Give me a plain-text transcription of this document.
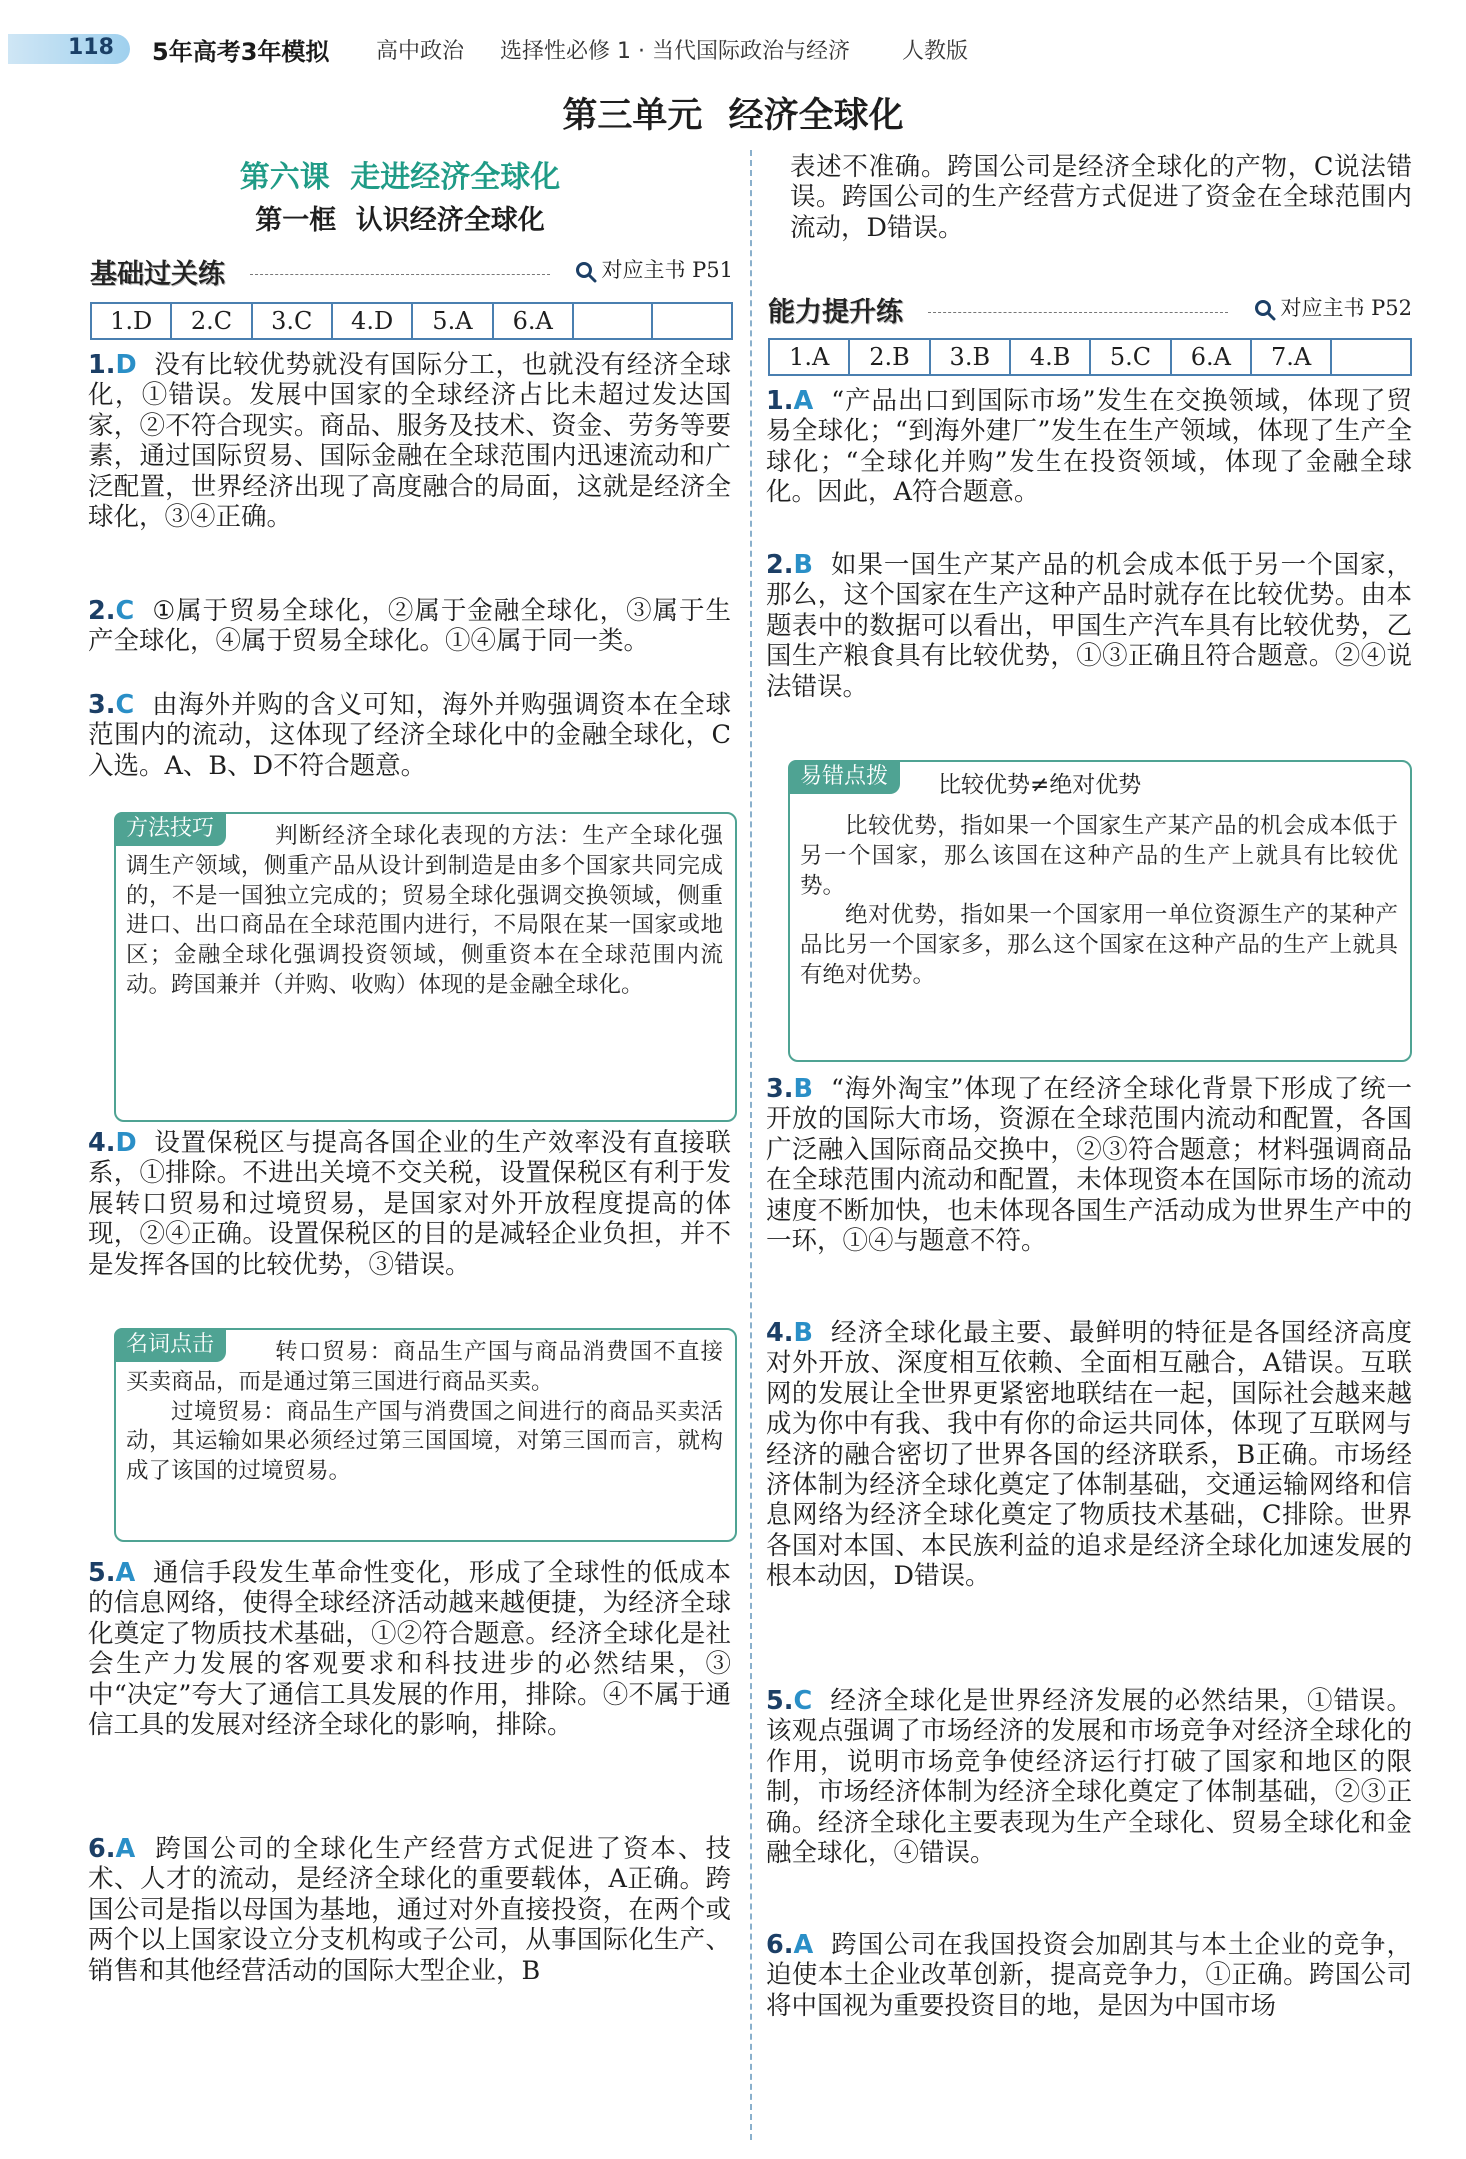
118 5年高考3年模拟 高中政治 选择性必修 1 · 当代国际政治与经济 人教版
第三单元 经济全球化
第六课 走进经济全球化
第一框 认识经济全球化
基础过关练	对应主书 P51
1.D	2.C	3.C	4.D	5.A	6.A		
1.D 没有比较优势就没有国际分工，也就没有经济全球化，①错误。发展中国家的全球经济占比未超过发达国家，②不符合现实。商品、服务及技术、资金、劳务等要素，通过国际贸易、国际金融在全球范围内迅速流动和广泛配置，世界经济出现了高度融合的局面，这就是经济全球化，③④正确。
2.C ①属于贸易全球化，②属于金融全球化，③属于生产全球化，④属于贸易全球化。①④属于同一类。
3.C 由海外并购的含义可知，海外并购强调资本在全球范围内的流动，这体现了经济全球化中的金融全球化，C入选。A、B、D不符合题意。
方法技巧	判断经济全球化表现的方法：生产全球化强调生产领域，侧重产品从设计到制造是由多个国家共同完成的，不是一国独立完成的；贸易全球化强调交换领域，侧重进口、出口商品在全球范围内进行，不局限在某一国家或地区；金融全球化强调投资领域，侧重资本在全球范围内流动。跨国兼并（并购、收购）体现的是金融全球化。
4.D 设置保税区与提高各国企业的生产效率没有直接联系，①排除。不进出关境不交关税，设置保税区有利于发展转口贸易和过境贸易，是国家对外开放程度提高的体现，②④正确。设置保税区的目的是减轻企业负担，并不是发挥各国的比较优势，③错误。
名词点击	转口贸易：商品生产国与商品消费国不直接买卖商品，而是通过第三国进行商品买卖。
过境贸易：商品生产国与消费国之间进行的商品买卖活动，其运输如果必须经过第三国国境，对第三国而言，就构成了该国的过境贸易。
5.A 通信手段发生革命性变化，形成了全球性的低成本的信息网络，使得全球经济活动越来越便捷，为经济全球化奠定了物质技术基础，①②符合题意。经济全球化是社会生产力发展的客观要求和科技进步的必然结果，③中“决定”夸大了通信工具发展的作用，排除。④不属于通信工具的发展对经济全球化的影响，排除。
6.A 跨国公司的全球化生产经营方式促进了资本、技术、人才的流动，是经济全球化的重要载体，A正确。跨国公司是指以母国为基地，通过对外直接投资，在两个或两个以上国家设立分支机构或子公司，从事国际化生产、销售和其他经营活动的国际大型企业，B
表述不准确。跨国公司是经济全球化的产物，C说法错误。跨国公司的生产经营方式促进了资金在全球范围内流动，D错误。
能力提升练	对应主书 P52
1.A	2.B	3.B	4.B	5.C	6.A	7.A	
1.A “产品出口到国际市场”发生在交换领域，体现了贸易全球化；“到海外建厂”发生在生产领域，体现了生产全球化；“全球化并购”发生在投资领域，体现了金融全球化。因此，A符合题意。
2.B 如果一国生产某产品的机会成本低于另一个国家，那么，这个国家在生产这种产品时就存在比较优势。由本题表中的数据可以看出，甲国生产汽车具有比较优势，乙国生产粮食具有比较优势，①③正确且符合题意。②④说法错误。
易错点拨	比较优势≠绝对优势
比较优势，指如果一个国家生产某产品的机会成本低于另一个国家，那么该国在这种产品的生产上就具有比较优势。
绝对优势，指如果一个国家用一单位资源生产的某种产品比另一个国家多，那么这个国家在这种产品的生产上就具有绝对优势。
3.B “海外淘宝”体现了在经济全球化背景下形成了统一开放的国际大市场，资源在全球范围内流动和配置，各国广泛融入国际商品交换中，②③符合题意；材料强调商品在全球范围内流动和配置，未体现资本在国际市场的流动速度不断加快，也未体现各国生产活动成为世界生产中的一环，①④与题意不符。
4.B 经济全球化最主要、最鲜明的特征是各国经济高度对外开放、深度相互依赖、全面相互融合，A错误。互联网的发展让全世界更紧密地联结在一起，国际社会越来越成为你中有我、我中有你的命运共同体，体现了互联网与经济的融合密切了世界各国的经济联系，B正确。市场经济体制为经济全球化奠定了体制基础，交通运输网络和信息网络为经济全球化奠定了物质技术基础，C排除。世界各国对本国、本民族利益的追求是经济全球化加速发展的根本动因，D错误。
5.C 经济全球化是世界经济发展的必然结果，①错误。该观点强调了市场经济的发展和市场竞争对经济全球化的作用，说明市场竞争使经济运行打破了国家和地区的限制，市场经济体制为经济全球化奠定了体制基础，②③正确。经济全球化主要表现为生产全球化、贸易全球化和金融全球化，④错误。
6.A 跨国公司在我国投资会加剧其与本土企业的竞争，迫使本土企业改革创新，提高竞争力，①正确。跨国公司将中国视为重要投资目的地，是因为中国市场
